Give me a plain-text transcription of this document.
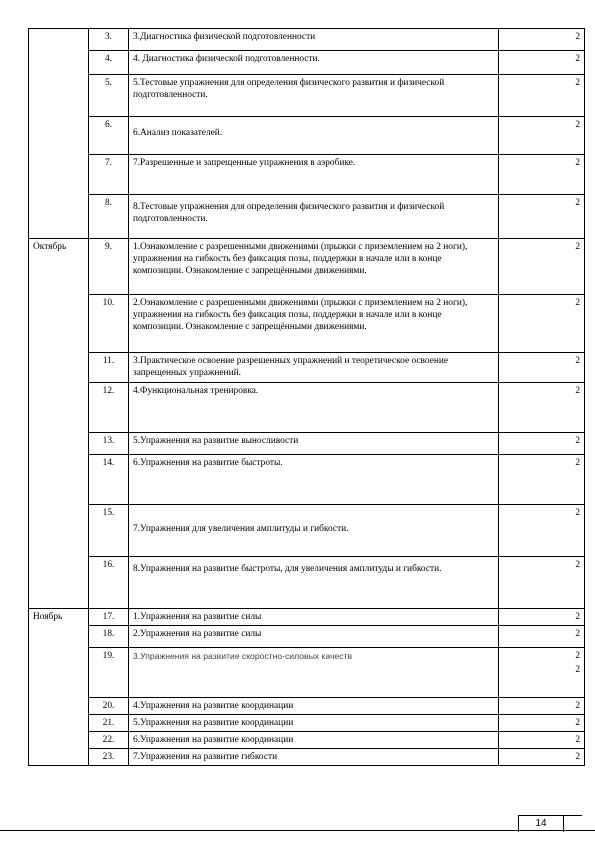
	3.	3.Диагностика физической подготовленности	2

	4.	4. Диагностика физической подготовленности.	2

	5.	5.Тестовые упражнения для определения физического развития и физической подготовленности.	2

	6.	6.Анализ показателей.	2

	7.	7.Разрешенные и запрещенные упражнения в аэробике.	2

	8.	8.Тестовые упражнения для определения физического развития и физической подготовленности.	2

Октябрь	9.	1.Ознакомление с разрешенными движениями (прыжки с приземлением на 2 ноги), упражнения на гибкость без фиксация позы, поддержки в начале или в конце композиции. Ознакомление с запрещёнными движениями.	2

	10.	2.Ознакомление с разрешенными движениями (прыжки с приземлением на 2 ноги), упражнения на гибкость без фиксация позы, поддержки в начале или в конце композиции. Ознакомление с запрещёнными движениями.	2

	11.	3.Практическое освоение разрешенных упражнений и теоретическое освоение запрещенных упражнений.	2

	12.	4.Функциональная тренировка.	2

	13.	5.Упражнения на развитие выносливости	2

	14.	6.Упражнения на развитие быстроты.	2

	15.	7.Упражнения для увеличения амплитуды и гибкости.	2

	16.	8.Упражнения на развитие быстроты, для увеличения амплитуды и гибкости.	2

Ноябрь	17.	1.Упражнения на развитие силы	2

	18.	2.Упражнения на развитие силы	2

	19.	3.Упражнения на развитие скоростно-силовых качеств	2
2

	20.	4.Упражнения на развитие координации	2

	21.	5.Упражнения на развитие координации	2

	22.	6.Упражнения на развитие координации	2

	23.	7.Упражнения на развитие гибкости	2
14
